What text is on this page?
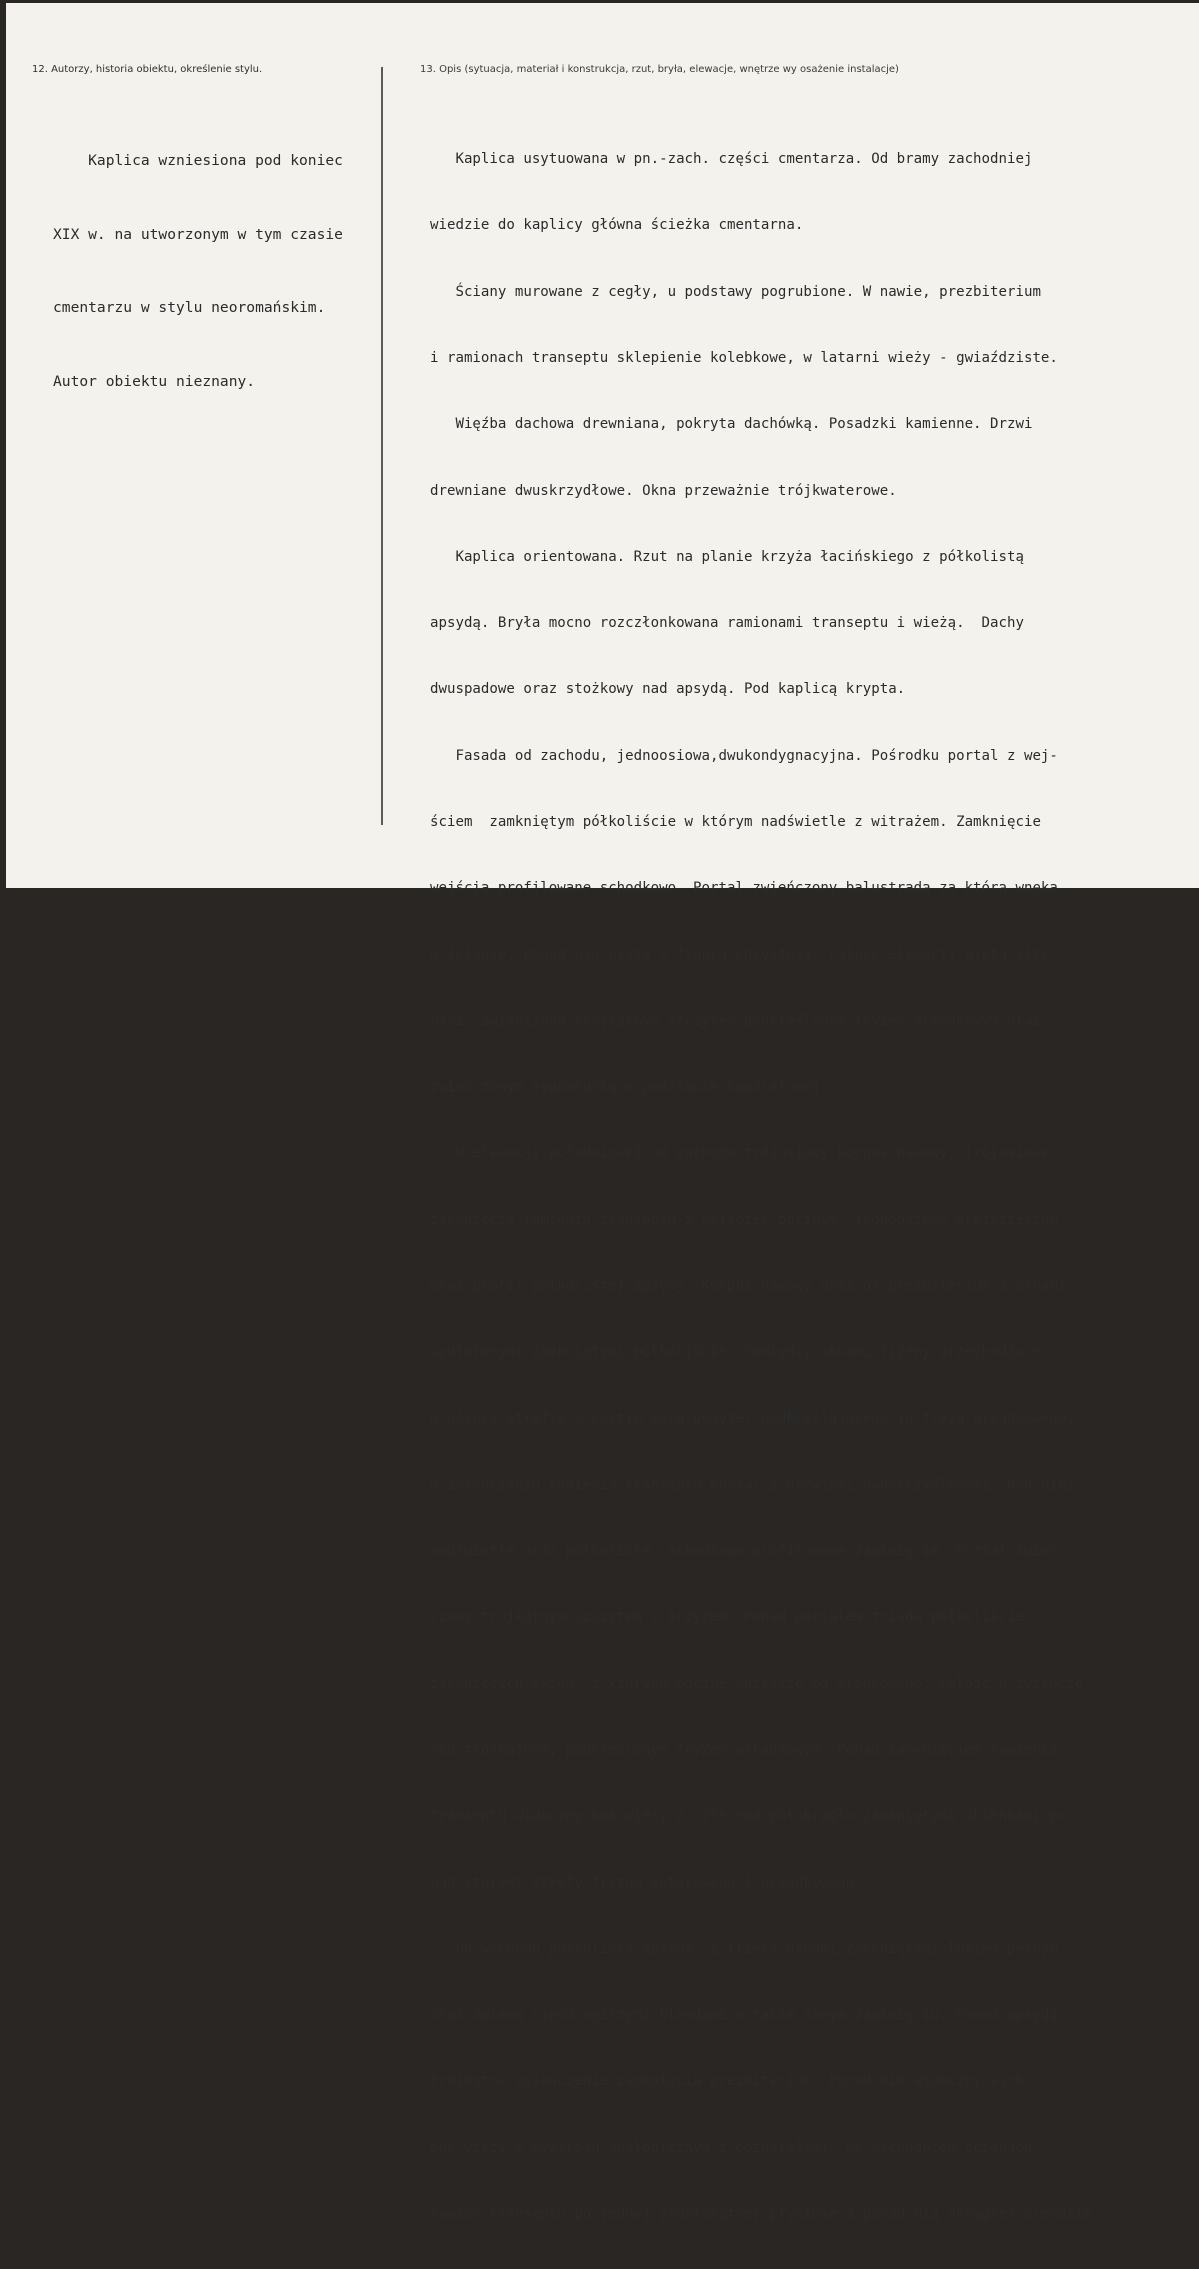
12. Autorzy, historia obiektu, określenie stylu.	13. Opis (sytuacja, materiał i konstrukcja, rzut, bryła, elewacje, wnętrze wy osażenie instalacje)

Kaplica wzniesiona pod koniec

XIX w. na utworzonym w tym czasie

cmentarzu w stylu neoromańskim.

Autor obiektu nieznany.

Kaplica usytuowana w pn.-zach. części cmentarza. Od bramy zachodniej

wiedzie do kaplicy główna ścieżka cmentarna.

Ściany murowane z cegły, u podstawy pogrubione. W nawie, prezbiterium

i ramionach transeptu sklepienie kolebkowe, w latarni wieży - gwiaździste.

Więźba dachowa drewniana, pokryta dachówką. Posadzki kamienne. Drzwi

drewniane dwuskrzydłowe. Okna przeważnie trójkwaterowe.

Kaplica orientowana. Rzut na planie krzyża łacińskiego z półkolistą

apsydą. Bryła mocno rozczłonkowana ramionami transeptu i wieżą.  Dachy

dwuspadowe oraz stożkowy nad apsydą. Pod kaplicą krypta.

Fasada od zachodu, jednoosiowa,dwukondygnacyjna. Pośrodku portal z wej-

ściem  zamkniętym półkoliście w którym nadświetle z witrażem. Zamknięcie

wejścia profilowane schodkowo. Portal zwieńczony balustradą za którą wnęka

w ścianie. Ponad nią nisza z figurą Chrystusa. Całość elewacji ujęta lize-

nami, zwieńczona trójkątnym szczytem podkreślonym fryzem arkadkowym oraz

zwieńczonym sygnaturką o podstawie kwadratowej.

W elewacji południowej od zachodu:trójosiowy korpus nawowy, trójosiowe

zamknięcie ramienia transeptu z wejściem bocznym, jednoosiowe prezbiterium

oraz profil półkolistej apsydy. Korpus nawowy oraz oś prezbiterium z oknami

wydłużonymi zamkniętymi półkoliście. Pomiędzy oknami lizeny przechodzące

w górnej strefie w partię muru powyżej,podkreślającego ją fryzu arkadkowego.

W zakończeniu ramienia transeptu portal z drzwiami dwuskrzydłowymi. Nad nimi

nadświetle oraz półkoliste, schodkowo profilowane zamknięcie. Portal zwień-

czony trójkątnym szczytem z krzyżem. Ponad portalem triada półkoliście

zamkniętych okien, z których boczne mniejsze od środkowego. Całość o zwieńcze-

niu trójkątnym, podkreślonym fryzem arkadkowym. Ponad zamknięciem ramienia

transeptu widoczny bok wieży z czterema półokrągło zamkniętymi okienkami po-

nad którymi strefy fryzów kotarowego i arkadkowego.

Od wschodu półkolista apsyda, z trzema oknami zamkniętymi łukiem pełnym

oraz dwiema nieco węższymi blendami o takim samym zamknięciu. Ponad apsydą

trójkątne zwieńczenie zamknięcia prezbiterium. Ponad nim widoczny wsch.

bok wieży o wystroju analogicznym z pozostałymi. We wschodnich ścianach

ramion transeptu po jednej prostokątnej płycinie a ponad nią okrągłej blendzie.
